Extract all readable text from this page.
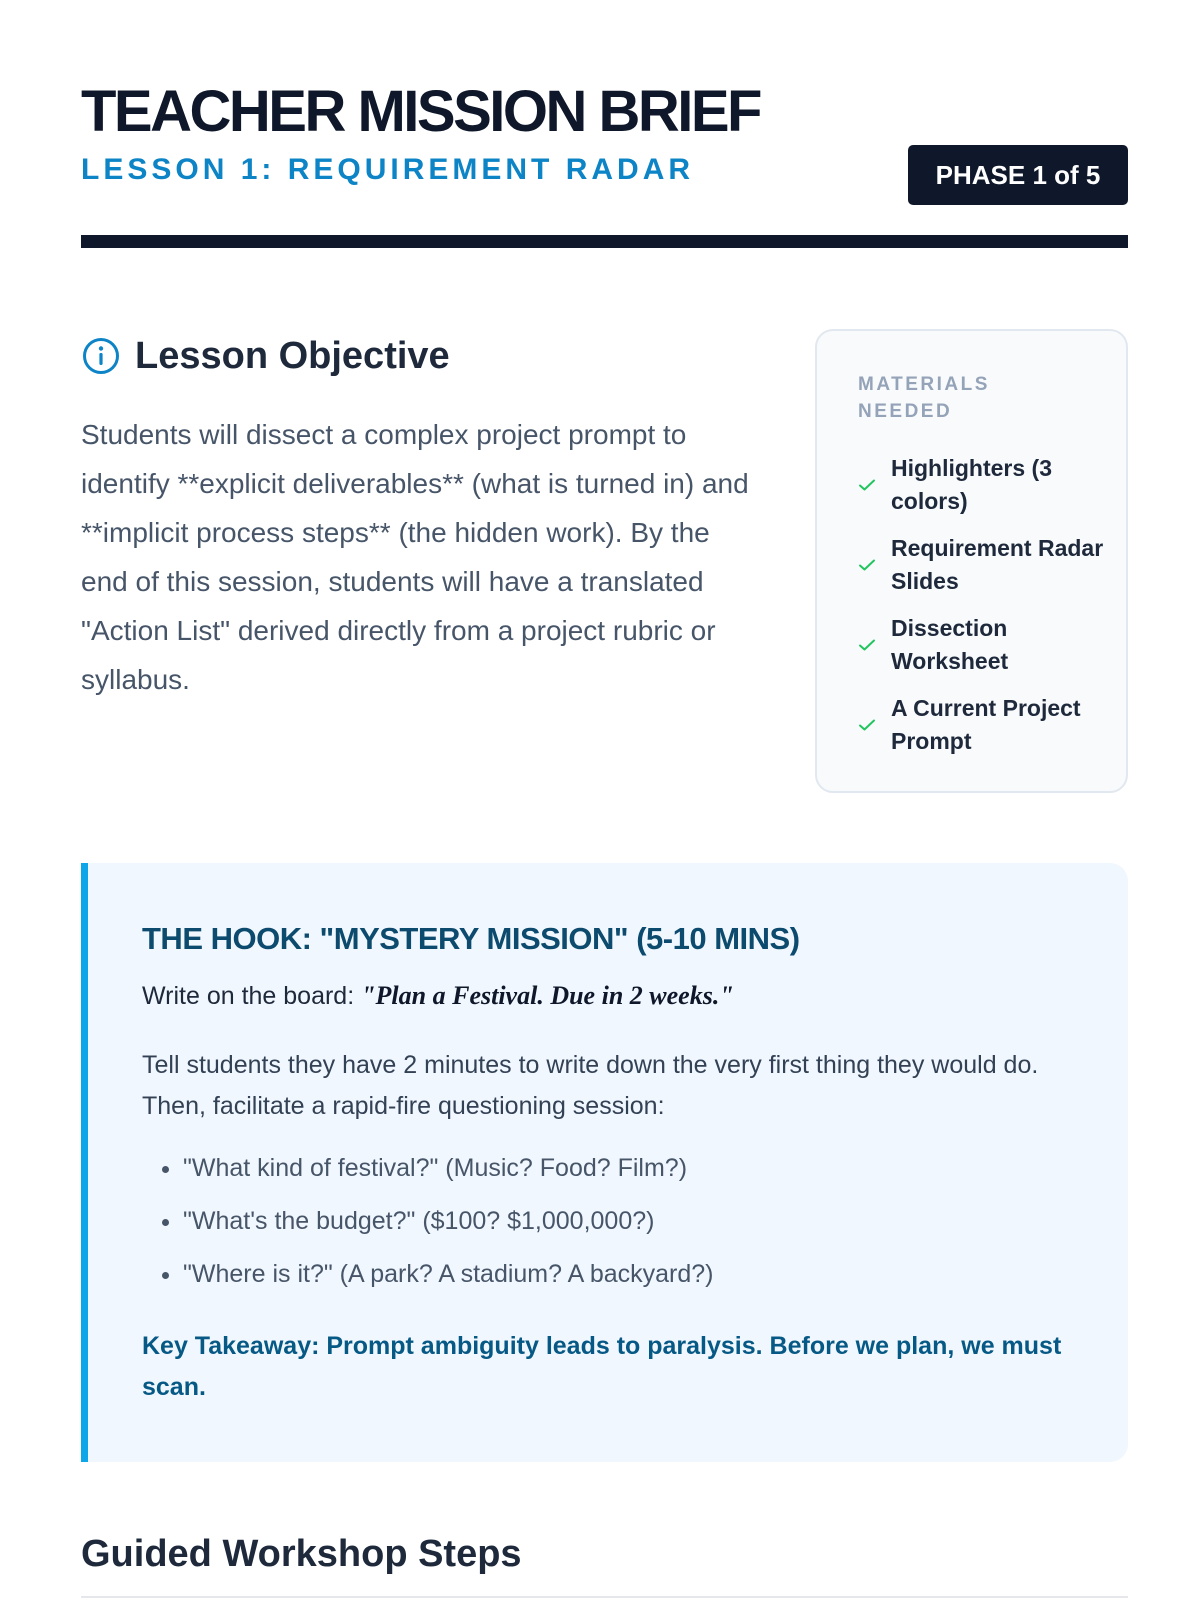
TEACHER MISSION BRIEF
LESSON 1: REQUIREMENT RADAR	PHASE 1 of 5
Lesson Objective

Students will dissect a complex project prompt to identify **explicit deliverables** (what is turned in) and **implicit process steps** (the hidden work). By the end of this session, students will have a translated "Action List" derived directly from a project rubric or syllabus.

MATERIALS NEEDED
Highlighters (3 colors)
Requirement Radar Slides
Dissection Worksheet
A Current Project Prompt
THE HOOK: "MYSTERY MISSION" (5-10 MINS)
Write on the board: "Plan a Festival. Due in 2 weeks."

Tell students they have 2 minutes to write down the very first thing they would do. Then, facilitate a rapid-fire questioning session:

• "What kind of festival?" (Music? Food? Film?)
• "What's the budget?" ($100? $1,000,000?)
• "Where is it?" (A park? A stadium? A backyard?)

Key Takeaway: Prompt ambiguity leads to paralysis. Before we plan, we must scan.

Guided Workshop Steps
